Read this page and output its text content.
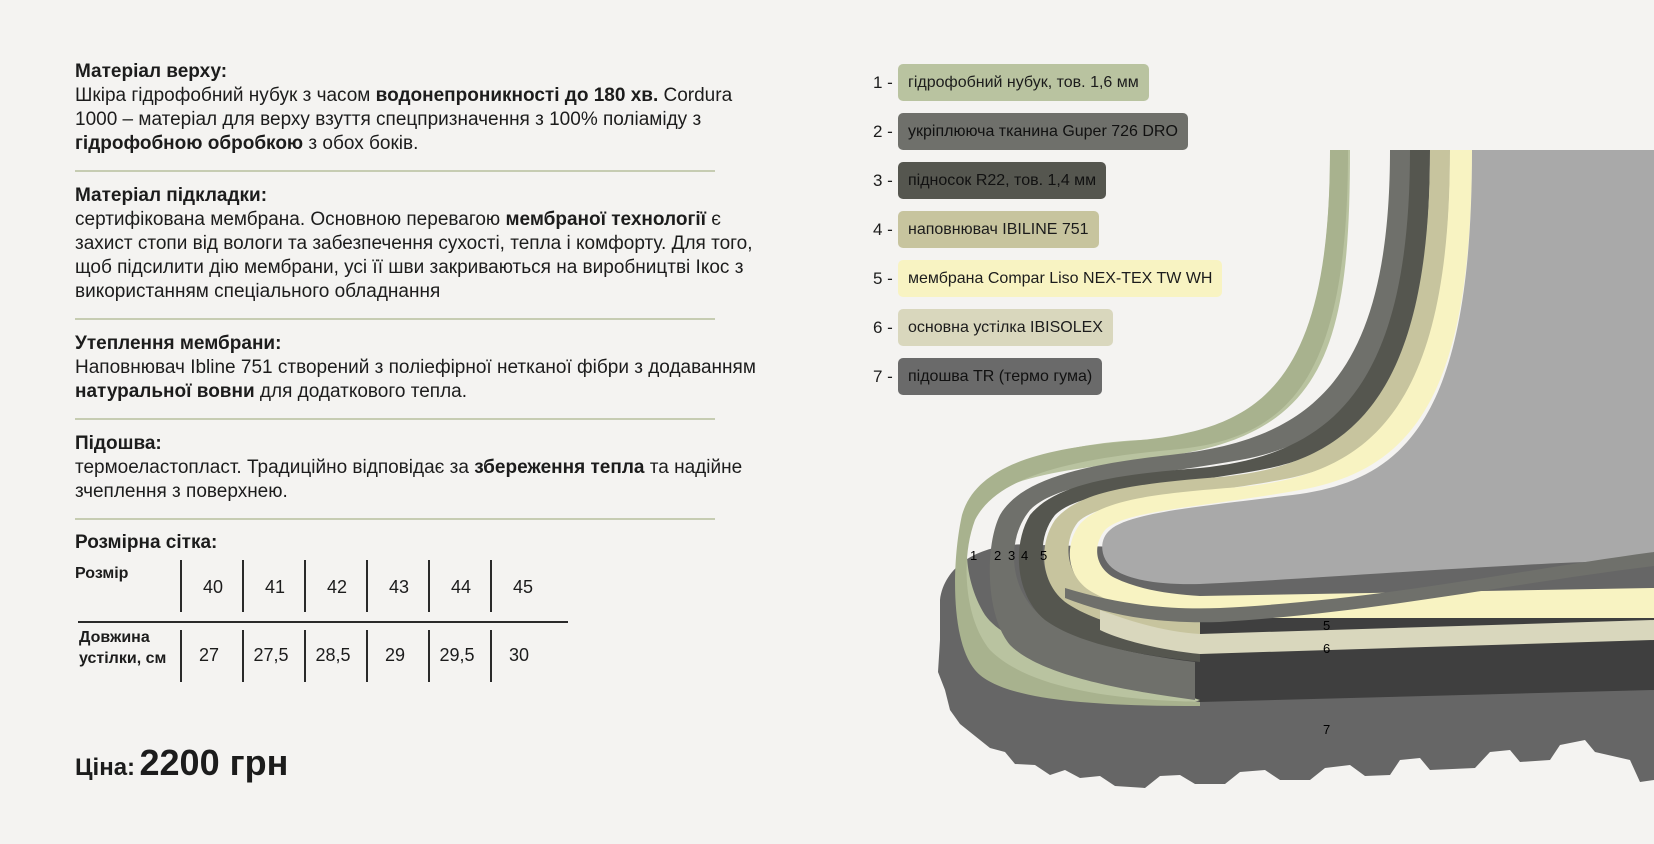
1 2 3 4 5
5
6
7
Матеріал верху:
Шкіра гідрофобний нубук з часом водонепроникності до 180 хв. Cordura 1000 – матеріал для верху взуття спецпризначення з 100% поліаміду з гідрофобною обробкою з обох боків.
Матеріал підкладки:
сертифікована мембрана. Основною перевагою мембраної технології є захист стопи від вологи та забезпечення сухості, тепла і комфорту. Для того, щоб підсилити дію мембрани, усі її шви закриваються на виробництві Ікос з використанням спеціального обладнання
Утеплення мембрани:
Наповнювач Ibline 751 створений з поліефірної нетканої фібри з додаванням натуральної вовни для додаткового тепла.
Підошва:
термоеластопласт. Традиційно відповідає за збереження тепла та надійне зчеплення з поверхнею.
Розмірна сітка:
Розмір
Довжина
устілки, см
40
27
41
27,5
42
28,5
43
29
44
29,5
45
30
Ціна: 2200 грн
1 - гідрофобний нубук, тов. 1,6 мм
2 - укріплююча тканина Guper 726 DRO
3 - підносок R22, тов. 1,4 мм
4 - наповнювач IBILINE 751
5 - мембрана Compar Liso NEX-TEX TW WH
6 - основна устілка IBISOLEX
7 - підошва TR (термо гума)
